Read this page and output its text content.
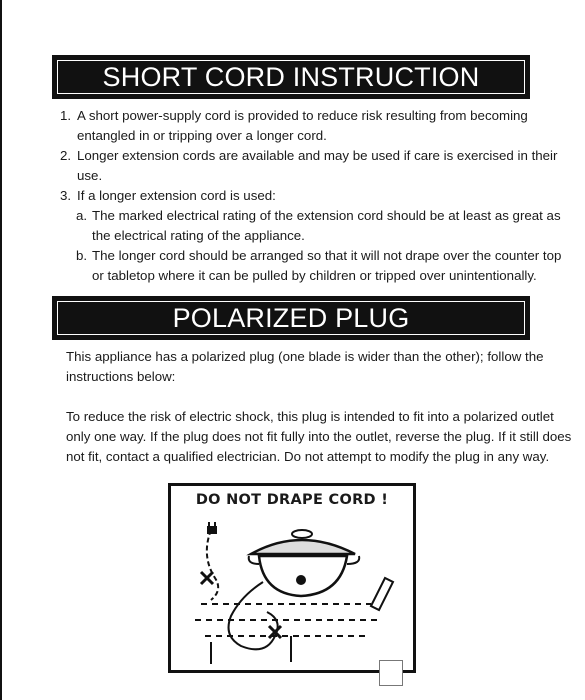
SHORT CORD INSTRUCTION
1. A short power-supply cord is provided to reduce risk resulting from becoming
entangled in or tripping over a longer cord.
2. Longer extension cords are available and may be used if care is exercised in their
use.
3. If a longer extension cord is used:
a. The marked electrical rating of the extension cord should be at least as great as
the electrical rating of the appliance.
b. The longer cord should be arranged so that it will not drape over the counter top
or tabletop where it can be pulled by children or tripped over unintentionally.
POLARIZED PLUG
This appliance has a polarized plug (one blade is wider than the other); follow the
instructions below:
To reduce the risk of electric shock, this plug is intended to fit into a polarized outlet
only one way. If the plug does not fit fully into the outlet, reverse the plug. If it still does
not fit, contact a qualified electrician. Do not attempt to modify the plug in any way.
DO NOT DRAPE CORD !
